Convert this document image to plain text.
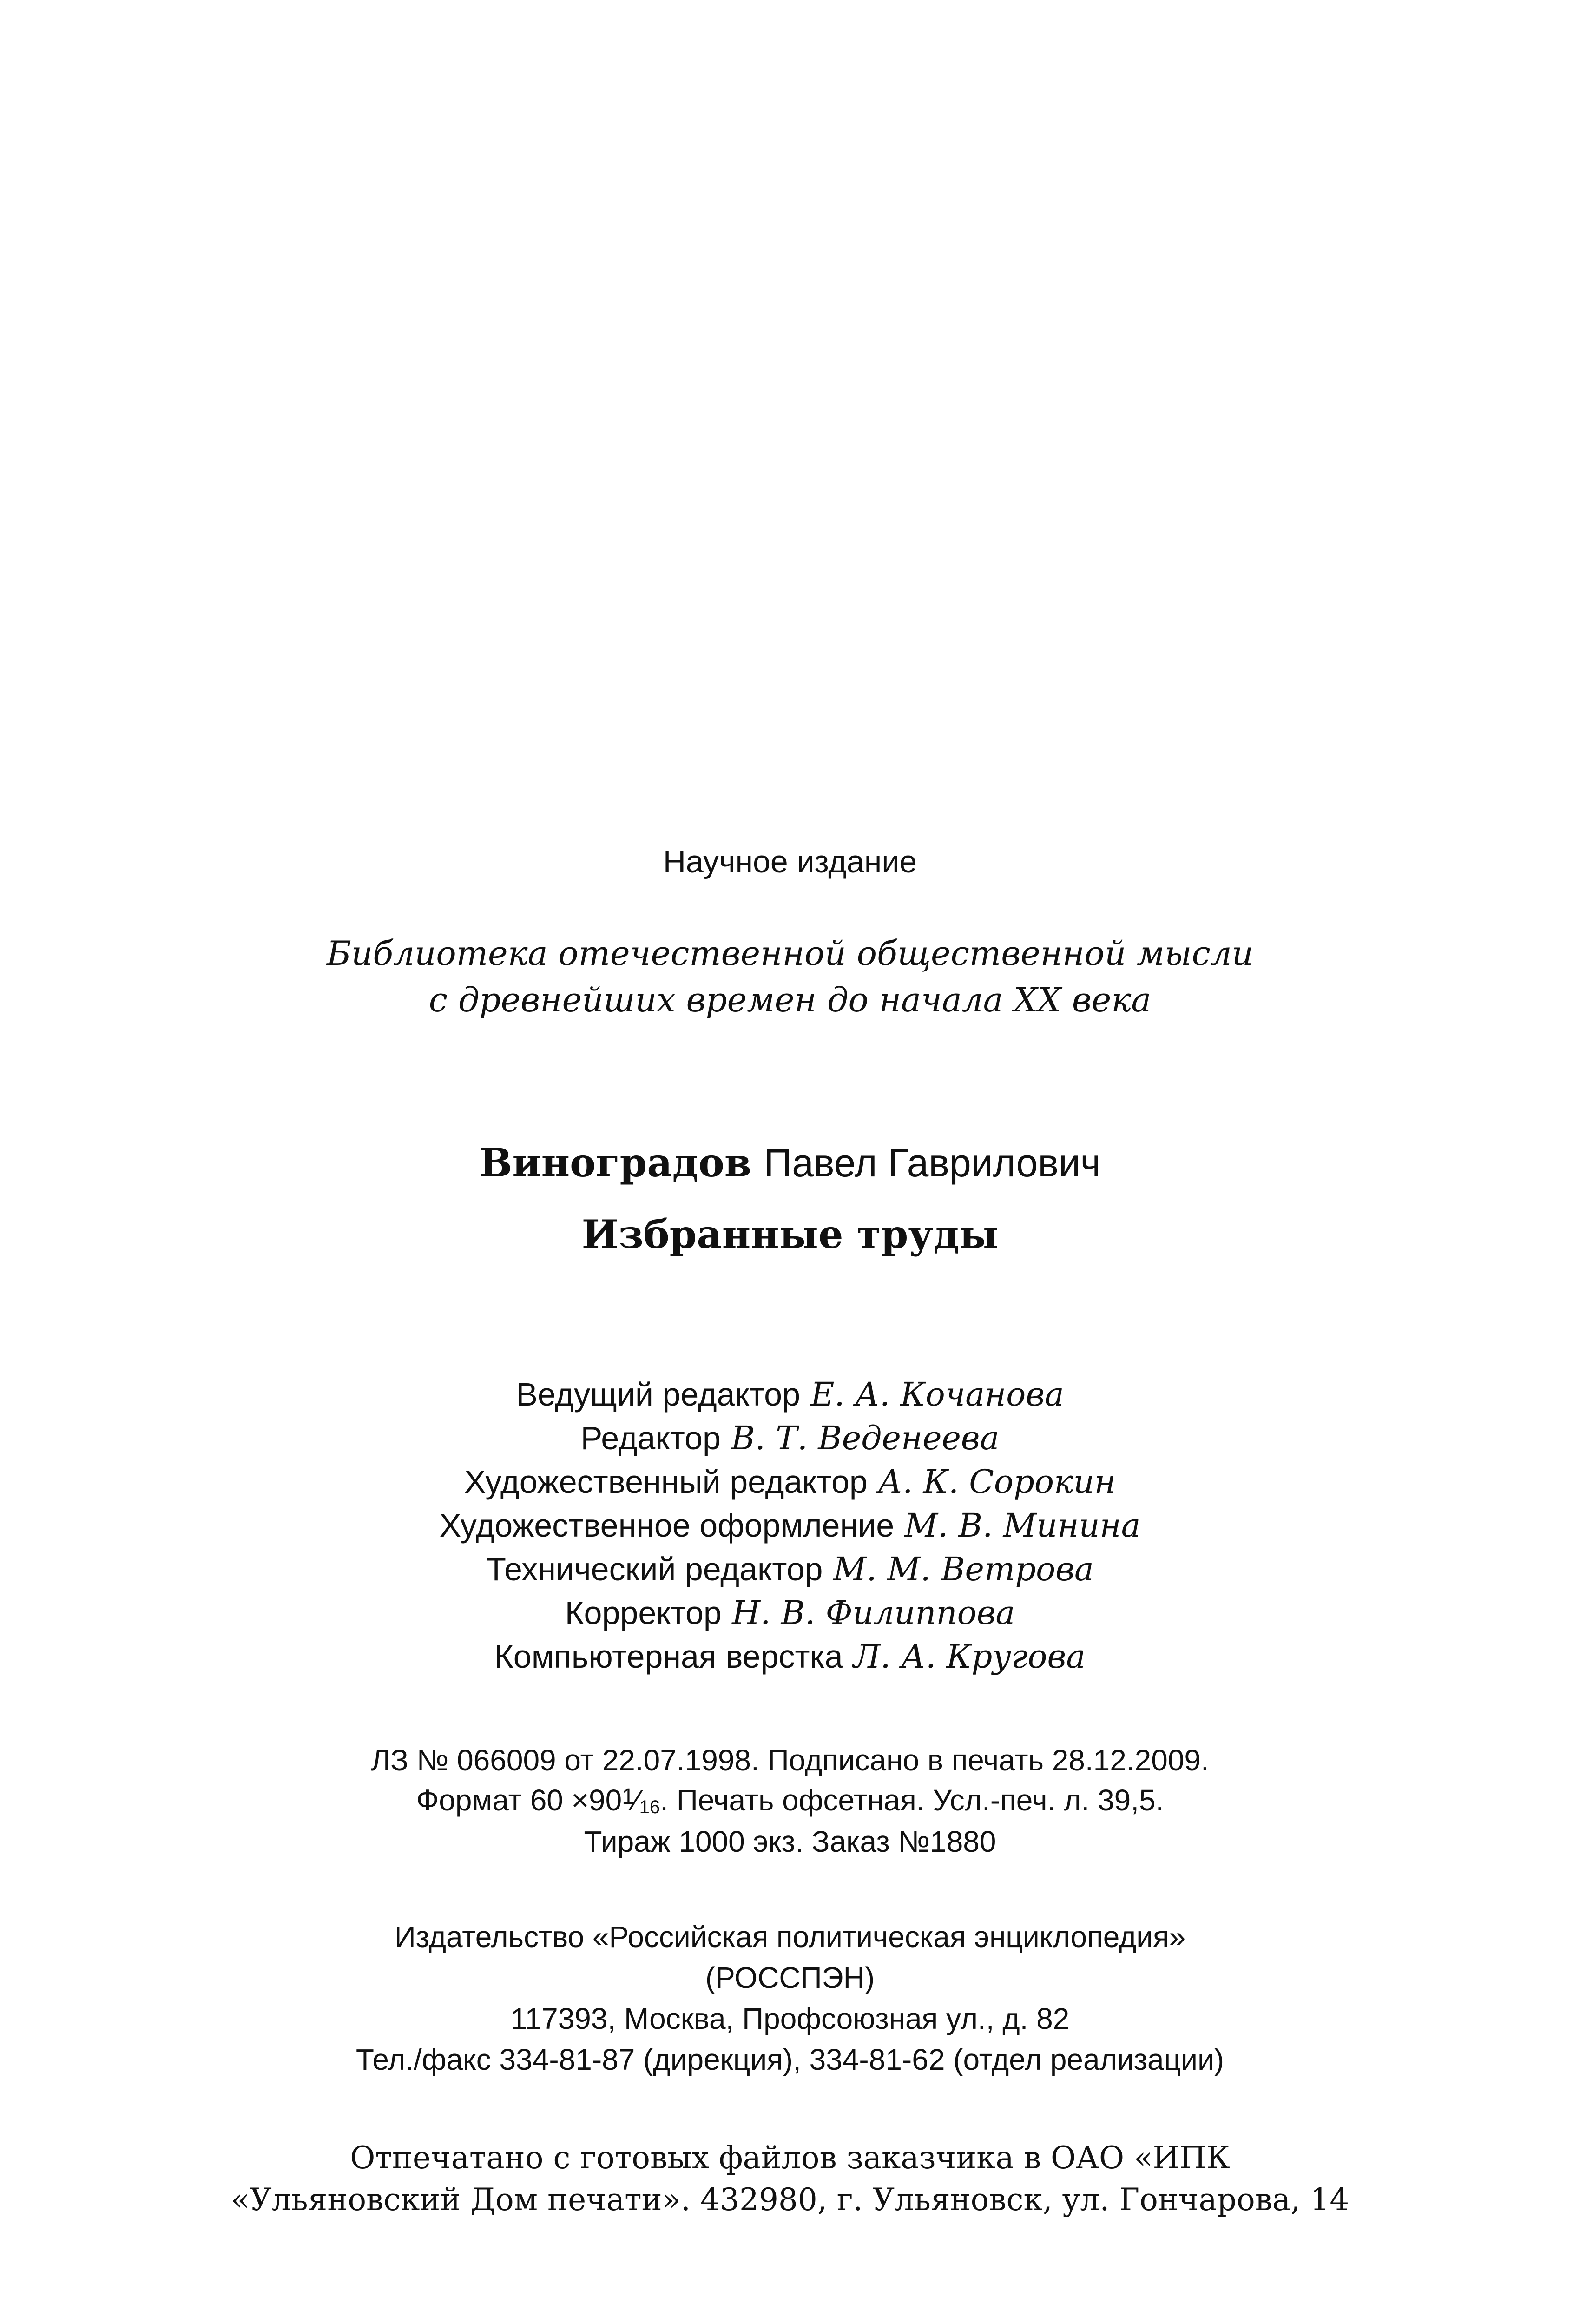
Научное издание
Библиотека отечественной общественной мысли
с древнейших времен до начала XX века
Виноградов Павел Гаврилович
Избранные труды
Ведущий редактор Е. А. Кочанова
Редактор В. Т. Веденеева
Художественный редактор А. К. Сорокин
Художественное оформление М. В. Минина
Технический редактор М. М. Ветрова
Корректор Н. В. Филиппова
Компьютерная верстка Л. А. Кругова
ЛЗ № 066009 от 22.07.1998. Подписано в печать 28.12.2009.
Формат $60 \times 90^1⁄16$. Печать офсетная. Усл.-печ. л. 39,5.
Тираж 1000 экз. Заказ №1880
Издательство «Российская политическая энциклопедия»
(РОССПЭН)
117393, Москва, Профсоюзная ул., д. 82
Тел./факс 334-81-87 (дирекция), 334-81-62 (отдел реализации)
Отпечатано с готовых файлов заказчика в ОАО «ИПК
«Ульяновский Дом печати». 432980, г. Ульяновск, ул. Гончарова, 14
